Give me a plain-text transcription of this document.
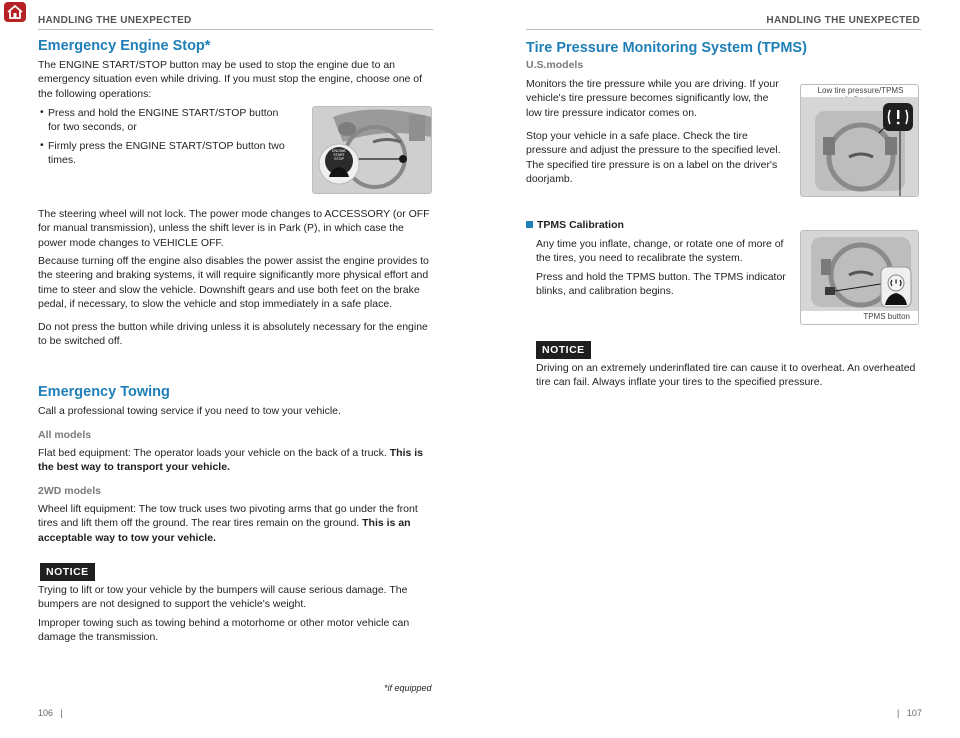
HANDLING THE UNEXPECTED	HANDLING THE UNEXPECTED
Emergency Engine Stop*

The ENGINE START/STOP button may be used to stop the engine due to an emergency situation even while driving. If you must stop the engine, choose one of the following operations:

• Press and hold the ENGINE START/STOP button for two seconds, or

• Firmly press the ENGINE START/STOP button two times.

ENGINE START STOP

The steering wheel will not lock. The power mode changes to ACCESSORY (or OFF for manual transmission), unless the shift lever is in Park (P), in which case the power mode changes to VEHICLE OFF.

Because turning off the engine also disables the power assist the engine provides to the steering and braking systems, it will require significantly more physical effort and time to steer and slow the vehicle. Downshift gears and use both feet on the brake pedal, if necessary, to slow the vehicle and stop immediately in a safe place.

Do not press the button while driving unless it is absolutely necessary for the engine to be switched off.

Emergency Towing

Call a professional towing service if you need to tow your vehicle.

All models

Flat bed equipment: The operator loads your vehicle on the back of a truck. This is the best way to transport your vehicle.

2WD models

Wheel lift equipment: The tow truck uses two pivoting arms that go under the front tires and lift them off the ground. The rear tires remain on the ground. This is an acceptable way to tow your vehicle.

NOTICE

Trying to lift or tow your vehicle by the bumpers will cause serious damage. The bumpers are not designed to support the vehicle's weight.

Improper towing such as towing behind a motorhome or other motor vehicle can damage the transmission.

*if equipped
106   |	|   107
Tire Pressure Monitoring System (TPMS)
U.S.models

Monitors the tire pressure while you are driving. If your vehicle's tire pressure becomes significantly low, the low tire pressure indicator comes on.

Stop your vehicle in a safe place. Check the tire pressure and adjust the pressure to the specified level. The specified tire pressure is on a label on the driver's doorjamb.

Low tire pressure/TPMS
TPMS Calibration

Any time you inflate, change, or rotate one of more of the tires, you need to recalibrate the system.

Press and hold the TPMS button. The TPMS indicator blinks, and calibration begins.

TPMS button
NOTICE

Driving on an extremely underinflated tire can cause it to overheat. An overheated tire can fail. Always inflate your tires to the specified pressure.
